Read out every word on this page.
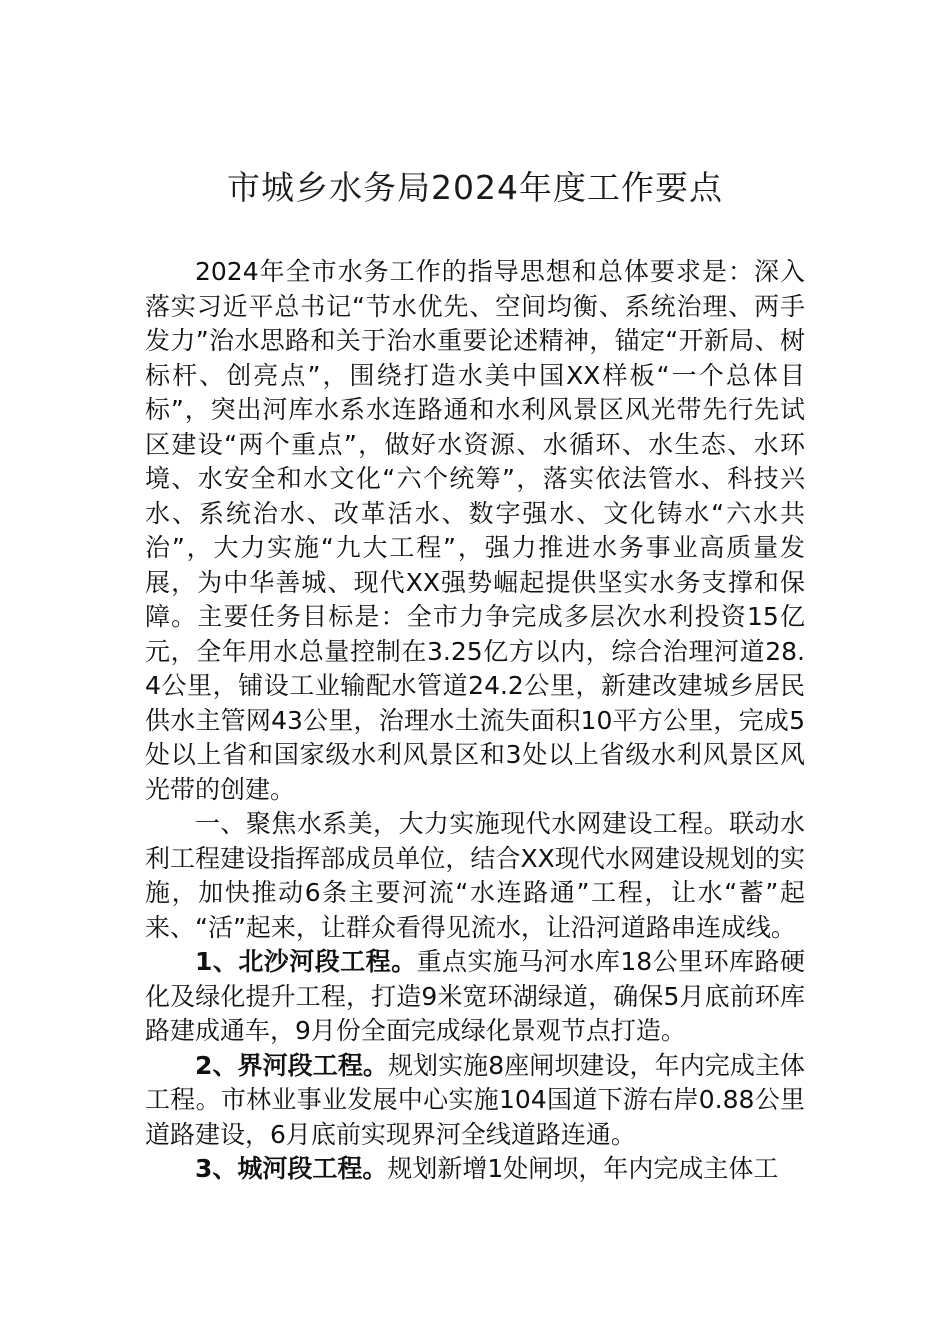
市城乡水务局2024年度工作要点

2024年全市水务工作的指导思想和总体要求是：深入落实习近平总书记“节水优先、空间均衡、系统治理、两手发力”治水思路和关于治水重要论述精神，锚定“开新局、树标杆、创亮点”，围绕打造水美中国XX样板“一个总体目标”，突出河库水系水连路通和水利风景区风光带先行先试区建设“两个重点”，做好水资源、水循环、水生态、水环境、水安全和水文化“六个统筹”，落实依法管水、科技兴水、系统治水、改革活水、数字强水、文化铸水“六水共治”，大力实施“九大工程”，强力推进水务事业高质量发展，为中华善城、现代XX强势崛起提供坚实水务支撑和保障。主要任务目标是：全市力争完成多层次水利投资15亿元，全年用水总量控制在3.25亿方以内，综合治理河道28.4公里，铺设工业输配水管道24.2公里，新建改建城乡居民供水主管网43公里，治理水土流失面积10平方公里，完成5处以上省和国家级水利风景区和3处以上省级水利风景区风光带的创建。

一、聚焦水系美，大力实施现代水网建设工程。联动水利工程建设指挥部成员单位，结合XX现代水网建设规划的实施，加快推动6条主要河流“水连路通”工程，让水“蓄”起来、“活”起来，让群众看得见流水，让沿河道路串连成线。

1、北沙河段工程。重点实施马河水库18公里环库路硬化及绿化提升工程，打造9米宽环湖绿道，确保5月底前环库路建成通车，9月份全面完成绿化景观节点打造。

2、界河段工程。规划实施8座闸坝建设，年内完成主体工程。市林业事业发展中心实施104国道下游右岸0.88公里道路建设，6月底前实现界河全线道路连通。

3、城河段工程。规划新增1处闸坝，年内完成主体工
